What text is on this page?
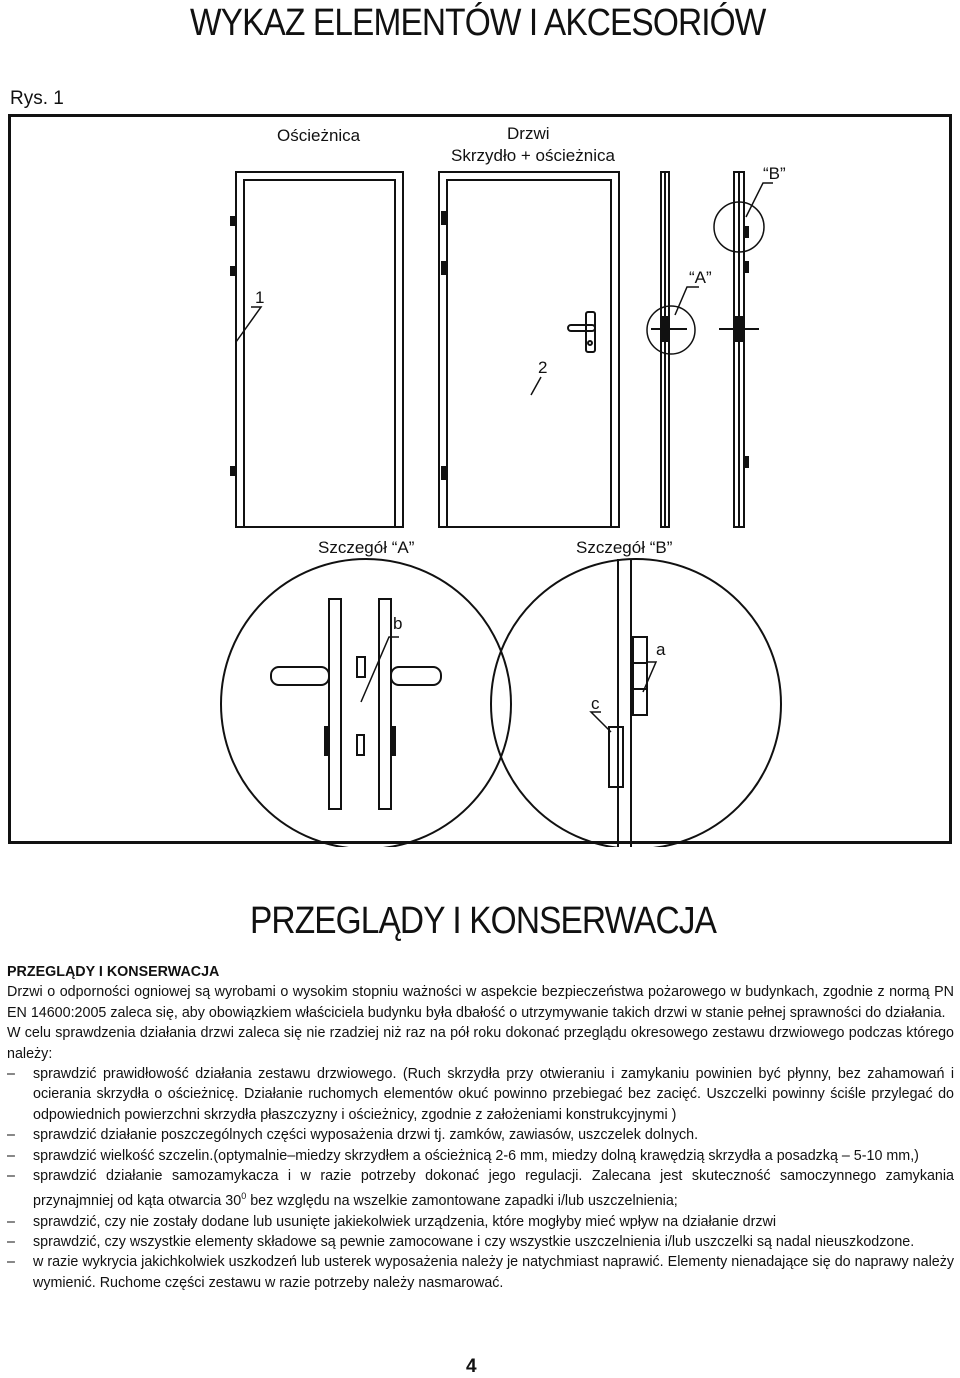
WYKAZ ELEMENTÓW I AKCESORIÓW
Rys. 1
Ościeżnica	Drzwi
Skrzydło + ościeżnica
1
2
“A”
“B”
Szczegół “A”	Szczegół “B”
b
a
c
PRZEGLĄDY I KONSERWACJA
PRZEGLĄDY I KONSERWACJA

Drzwi o odporności ogniowej są wyrobami o wysokim stopniu ważności w aspekcie bezpieczeństwa pożarowego w budynkach, zgodnie z normą PN EN 14600:2005 zaleca się, aby obowiązkiem właściciela budynku była dbałość o utrzymywanie takich drzwi w stanie pełnej sprawności do działania.

W celu sprawdzenia działania drzwi zaleca się nie rzadziej niż raz na pół roku dokonać przeglądu okresowego zestawu drzwiowego podczas którego należy:

– sprawdzić prawidłowość działania zestawu drzwiowego. (Ruch skrzydła przy otwieraniu i zamykaniu powinien być płynny, bez zahamowań i ocierania skrzydła o ościeżnicę. Działanie ruchomych elementów okuć powinno przebiegać bez zacięć. Uszczelki powinny ściśle przylegać do odpowiednich powierzchni skrzydła płaszczyzny i ościeżnicy, zgodnie z założeniami konstrukcyjnymi )
– sprawdzić działanie poszczególnych części wyposażenia drzwi tj. zamków, zawiasów, uszczelek dolnych.
– sprawdzić wielkość szczelin.(optymalnie–miedzy skrzydłem a ościeżnicą 2-6 mm, miedzy dolną krawędzią skrzydła a posadzką – 5-10 mm,)
– sprawdzić działanie samozamykacza i w razie potrzeby dokonać jego regulacji. Zalecana jest skuteczność samoczynnego zamykania przynajmniej od kąta otwarcia $30^0$ bez względu na wszelkie zamontowane zapadki i/lub uszczelnienia;
– sprawdzić, czy nie zostały dodane lub usunięte jakiekolwiek urządzenia, które mogłyby mieć wpływ na działanie drzwi
– sprawdzić, czy wszystkie elementy składowe są pewnie zamocowane i czy wszystkie uszczelnienia i/lub uszczelki są nadal nieuszkodzone.
– w razie wykrycia jakichkolwiek uszkodzeń lub usterek wyposażenia należy je natychmiast naprawić. Elementy nienadające się do naprawy należy wymienić. Ruchome części zestawu w razie potrzeby należy nasmarować.
4
